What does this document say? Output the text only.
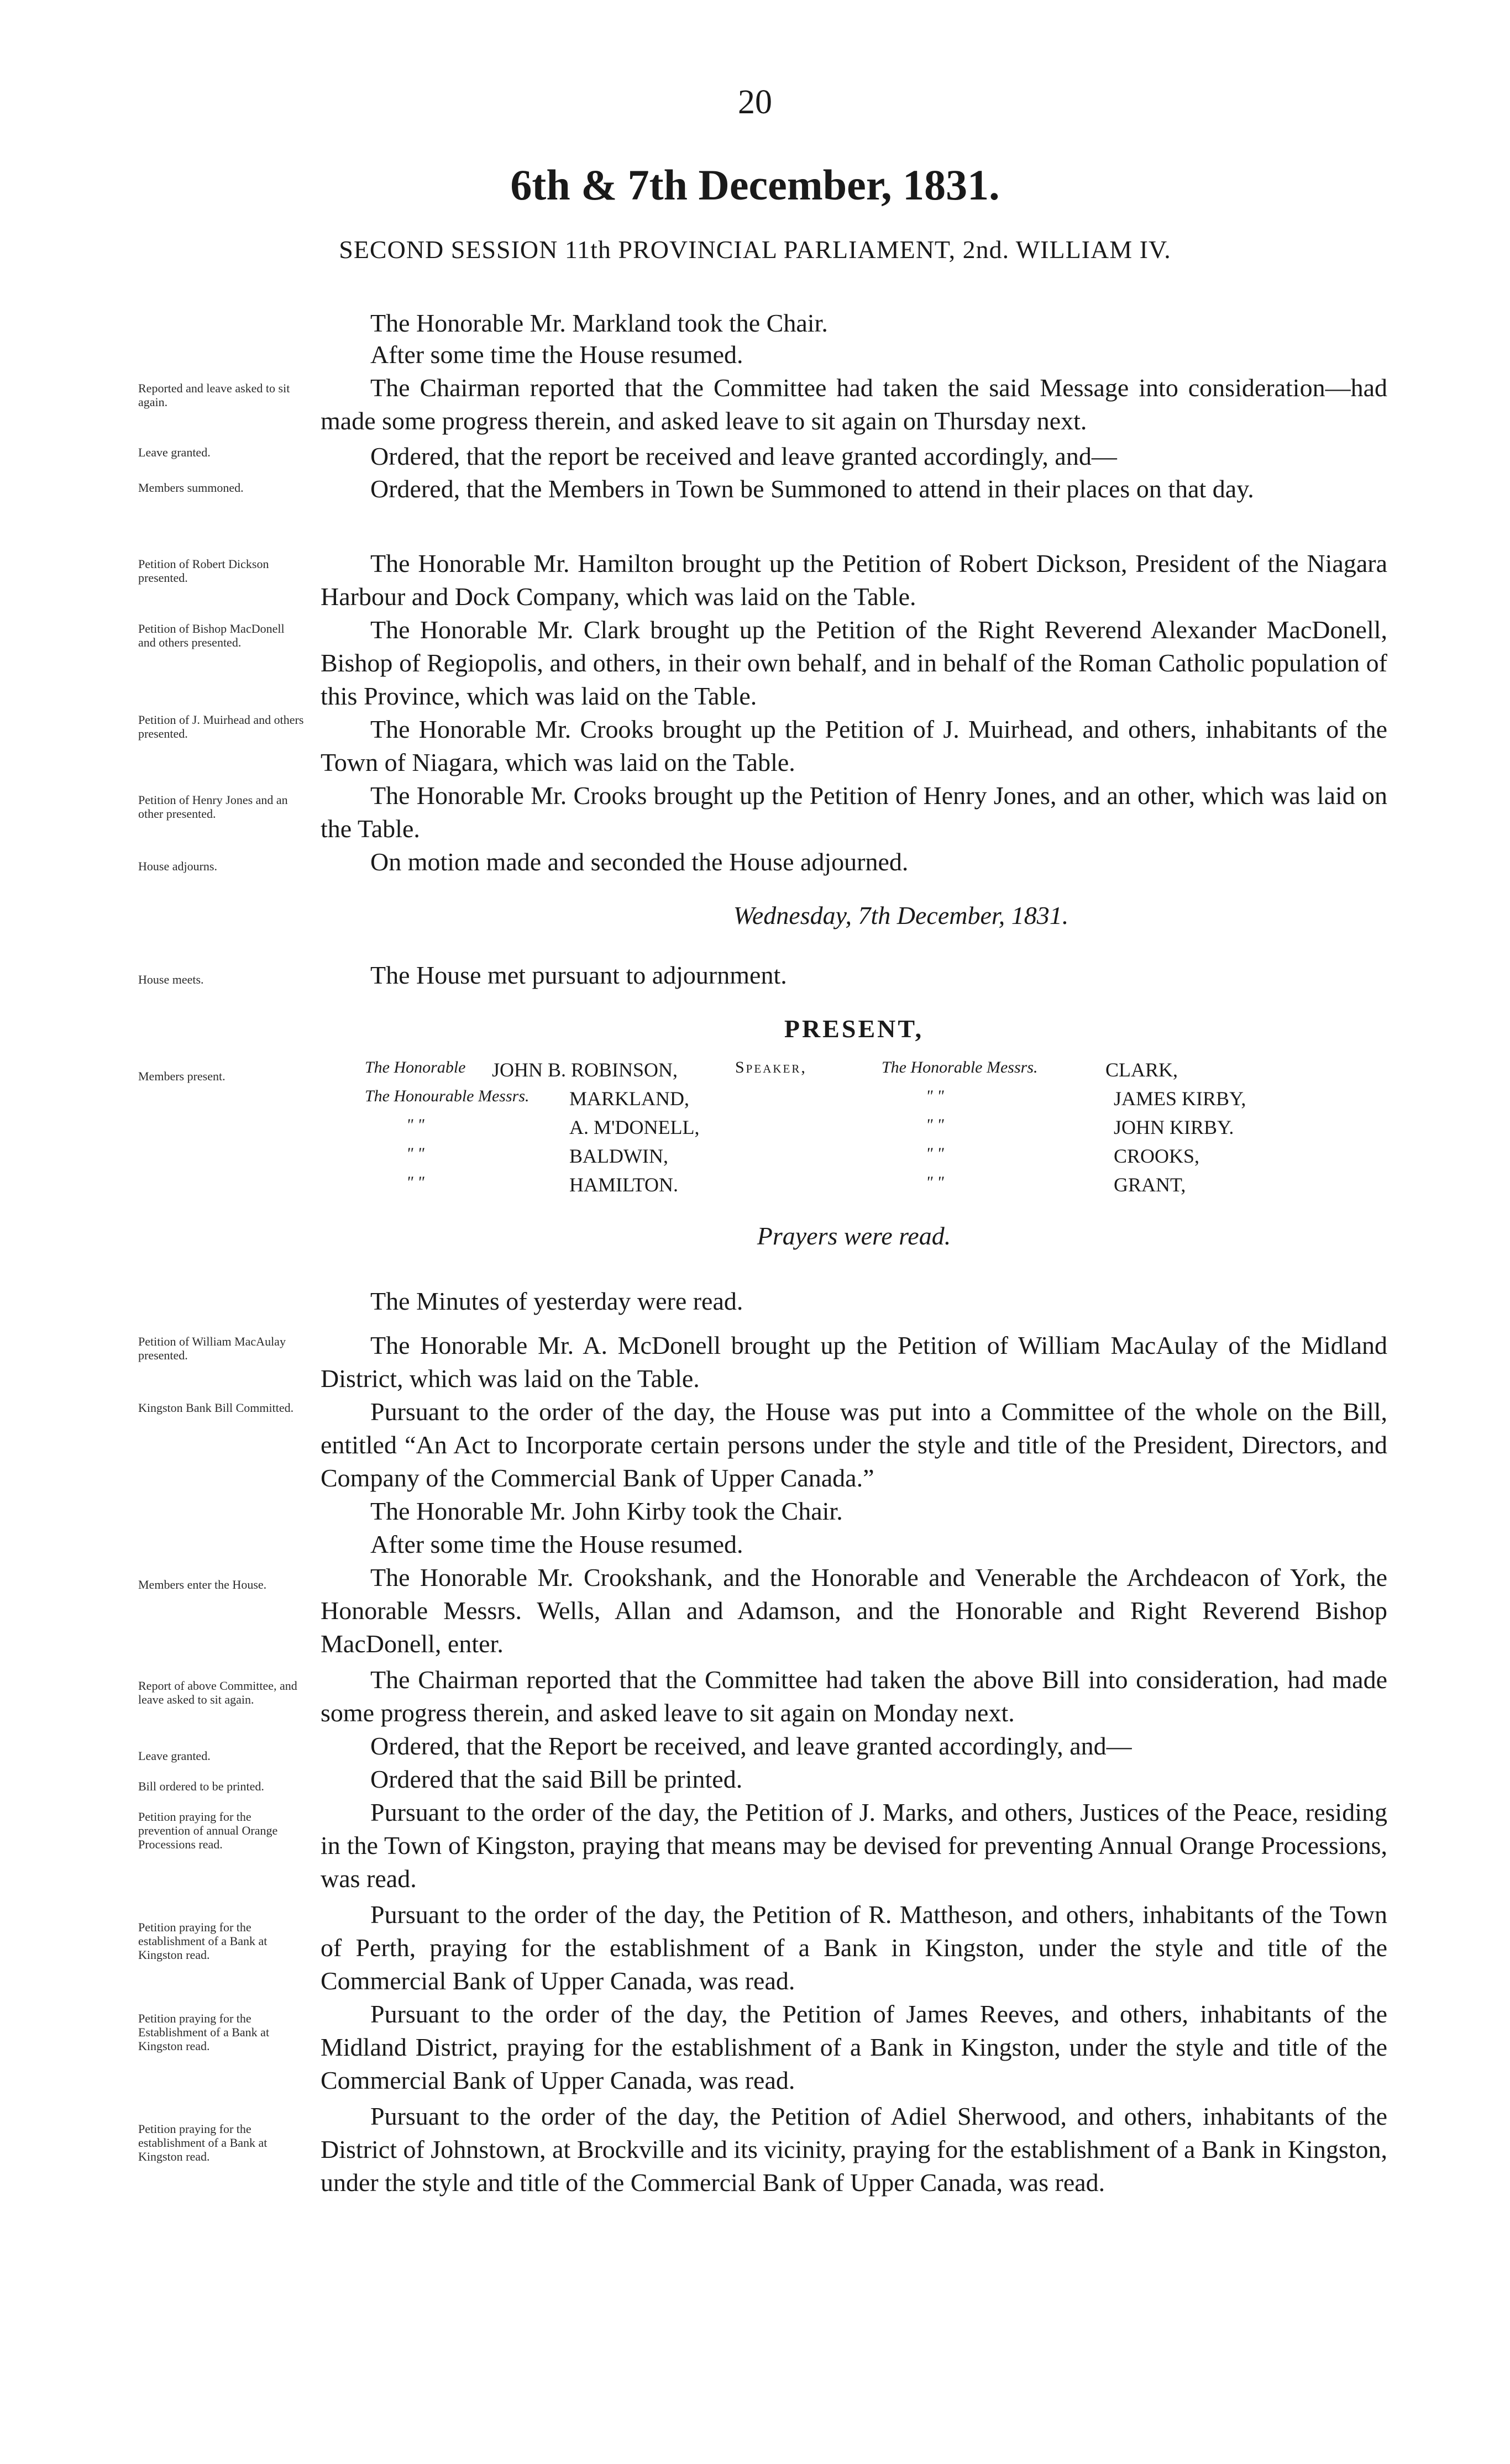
20
6th & 7th December, 1831.
SECOND SESSION 11th PROVINCIAL PARLIAMENT, 2nd. WILLIAM IV.
Reported and leave asked to sit again.
Leave granted.
Members summoned.
Petition of Robert Dickson presented.
Petition of Bishop MacDonell and others presented.
Petition of J. Muirhead and others presented.
Petition of Henry Jones and an other presented.
House adjourns.
House meets.
Members present.
Petition of William MacAulay presented.
Kingston Bank Bill Committed.
Members enter the House.
Report of above Committee, and leave asked to sit again.
Leave granted.
Bill ordered to be printed.
Petition praying for the prevention of annual Orange Processions read.
Petition praying for the establishment of a Bank at Kingston read.
Petition praying for the Establishment of a Bank at Kingston read.
Petition praying for the establishment of a Bank at Kingston read.
The Honorable Mr. Markland took the Chair.
After some time the House resumed.
The Chairman reported that the Committee had taken the said Message into consideration—had made some progress therein, and asked leave to sit again on Thursday next.
Ordered, that the report be received and leave granted accordingly, and—
Ordered, that the Members in Town be Summoned to attend in their places on that day.
The Honorable Mr. Hamilton brought up the Petition of Robert Dickson, President of the Niagara Harbour and Dock Company, which was laid on the Table.
The Honorable Mr. Clark brought up the Petition of the Right Reverend Alexander MacDonell, Bishop of Regiopolis, and others, in their own behalf, and in behalf of the Roman Catholic population of this Province, which was laid on the Table.
The Honorable Mr. Crooks brought up the Petition of J. Muirhead, and others, inhabitants of the Town of Niagara, which was laid on the Table.
The Honorable Mr. Crooks brought up the Petition of Henry Jones, and an other, which was laid on the Table.
On motion made and seconded the House adjourned.
Wednesday, 7th December, 1831.
The House met pursuant to adjournment.
PRESENT,
The Honorable JOHN B. ROBINSON,	Speaker,	The Honorable Messrs.	CLARK,
The Honourable Messrs. MARKLAND,	" "	JAMES KIRBY,
" "	A. M'DONELL,	" "	JOHN KIRBY.
" "	BALDWIN,	" "	CROOKS,
" "	HAMILTON.	" "	GRANT,
Prayers were read.
The Minutes of yesterday were read.
The Honorable Mr. A. McDonell brought up the Petition of William MacAulay of the Midland District, which was laid on the Table.
Pursuant to the order of the day, the House was put into a Committee of the whole on the Bill, entitled “An Act to Incorporate certain persons under the style and title of the President, Directors, and Company of the Commercial Bank of Upper Canada.”
The Honorable Mr. John Kirby took the Chair.
After some time the House resumed.
The Honorable Mr. Crookshank, and the Honorable and Venerable the Archdeacon of York, the Honorable Messrs. Wells, Allan and Adamson, and the Honorable and Right Reverend Bishop MacDonell, enter.
The Chairman reported that the Committee had taken the above Bill into consideration, had made some progress therein, and asked leave to sit again on Monday next.
Ordered, that the Report be received, and leave granted accordingly, and—
Ordered that the said Bill be printed.
Pursuant to the order of the day, the Petition of J. Marks, and others, Justices of the Peace, residing in the Town of Kingston, praying that means may be devised for preventing Annual Orange Processions, was read.
Pursuant to the order of the day, the Petition of R. Mattheson, and others, inhabitants of the Town of Perth, praying for the establishment of a Bank in Kingston, under the style and title of the Commercial Bank of Upper Canada, was read.
Pursuant to the order of the day, the Petition of James Reeves, and others, inhabitants of the Midland District, praying for the establishment of a Bank in Kingston, under the style and title of the Commercial Bank of Upper Canada, was read.
Pursuant to the order of the day, the Petition of Adiel Sherwood, and others, inhabitants of the District of Johnstown, at Brockville and its vicinity, praying for the establishment of a Bank in Kingston, under the style and title of the Commercial Bank of Upper Canada, was read.
